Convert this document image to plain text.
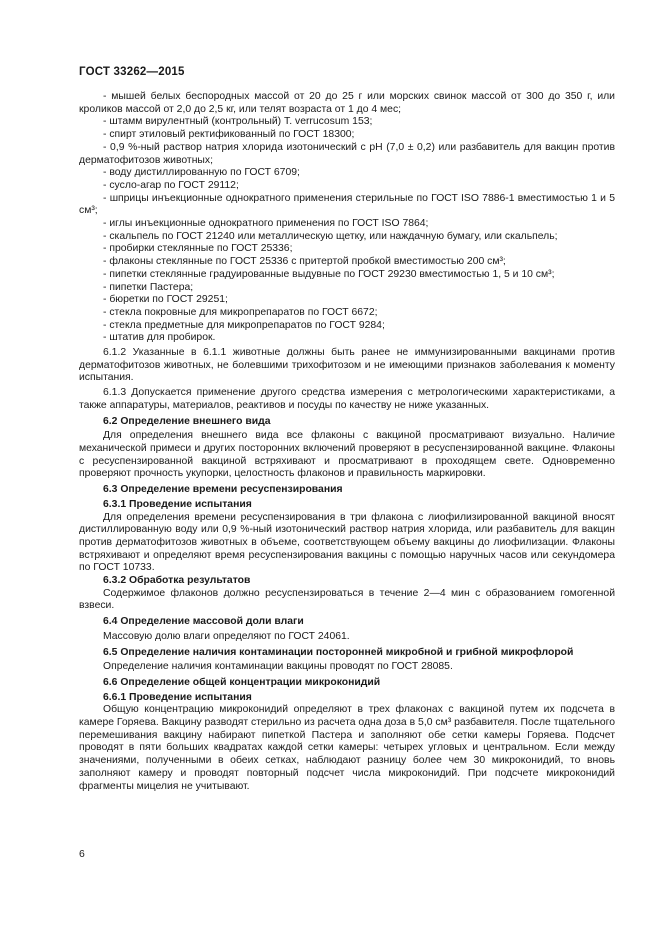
ГОСТ 33262—2015

- мышей белых беспородных массой от 20 до 25 г или морских свинок массой от 300 до 350 г, или кроликов массой от 2,0 до 2,5 кг, или телят возраста от 1 до 4 мес;

- штамм вирулентный (контрольный) T. verrucosum 153;

- спирт этиловый ректификованный по ГОСТ 18300;

- 0,9 %-ный раствор натрия хлорида изотонический с pH (7,0 ± 0,2) или разбавитель для вакцин против дерматофитозов животных;

- воду дистиллированную по ГОСТ 6709;

- сусло-агар по ГОСТ 29112;

- шприцы инъекционные однократного применения стерильные по ГОСТ ISO 7886-1 вместимостью 1 и 5 см³;

- иглы инъекционные однократного применения по ГОСТ ISO 7864;

- скальпель по ГОСТ 21240 или металлическую щетку, или наждачную бумагу, или скальпель;

- пробирки стеклянные по ГОСТ 25336;

- флаконы стеклянные по ГОСТ 25336 с притертой пробкой вместимостью 200 см³;

- пипетки стеклянные градуированные выдувные по ГОСТ 29230 вместимостью 1, 5 и 10 см³;

- пипетки Пастера;

- бюретки по ГОСТ 29251;

- стекла покровные для микропрепаратов по ГОСТ 6672;

- стекла предметные для микропрепаратов по ГОСТ 9284;

- штатив для пробирок.

6.1.2 Указанные в 6.1.1 животные должны быть ранее не иммунизированными вакцинами против дерматофитозов животных, не болевшими трихофитозом и не имеющими признаков заболевания к моменту испытания.

6.1.3 Допускается применение другого средства измерения с метрологическими характеристиками, а также аппаратуры, материалов, реактивов и посуды по качеству не ниже указанных.

6.2 Определение внешнего вида

Для определения внешнего вида все флаконы с вакциной просматривают визуально. Наличие механической примеси и других посторонних включений проверяют в ресуспензированной вакцине. Флаконы с ресуспензированной вакциной встряхивают и просматривают в проходящем свете. Одновременно проверяют прочность укупорки, целостность флаконов и правильность маркировки.

6.3 Определение времени ресуспензирования

6.3.1 Проведение испытания

Для определения времени ресуспензирования в три флакона с лиофилизированной вакциной вносят дистиллированную воду или 0,9 %-ный изотонический раствор натрия хлорида, или разбавитель для вакцин против дерматофитозов животных в объеме, соответствующем объему вакцины до лиофилизации. Флаконы встряхивают и определяют время ресуспензирования вакцины с помощью наручных часов или секундомера по ГОСТ 10733.

6.3.2 Обработка результатов

Содержимое флаконов должно ресуспензироваться в течение 2—4 мин с образованием гомогенной взвеси.

6.4 Определение массовой доли влаги

Массовую долю влаги определяют по ГОСТ 24061.

6.5 Определение наличия контаминации посторонней микробной и грибной микрофлорой

Определение наличия контаминации вакцины проводят по ГОСТ 28085.

6.6 Определение общей концентрации микроконидий

6.6.1 Проведение испытания

Общую концентрацию микроконидий определяют в трех флаконах с вакциной путем их подсчета в камере Горяева. Вакцину разводят стерильно из расчета одна доза в 5,0 см³ разбавителя. После тщательного перемешивания вакцину набирают пипеткой Пастера и заполняют обе сетки камеры Горяева. Подсчет проводят в пяти больших квадратах каждой сетки камеры: четырех угловых и центральном. Если между значениями, полученными в обеих сетках, наблюдают разницу более чем 30 микроконидий, то вновь заполняют камеру и проводят повторный подсчет числа микроконидий. При подсчете микроконидий фрагменты мицелия не учитывают.

6
